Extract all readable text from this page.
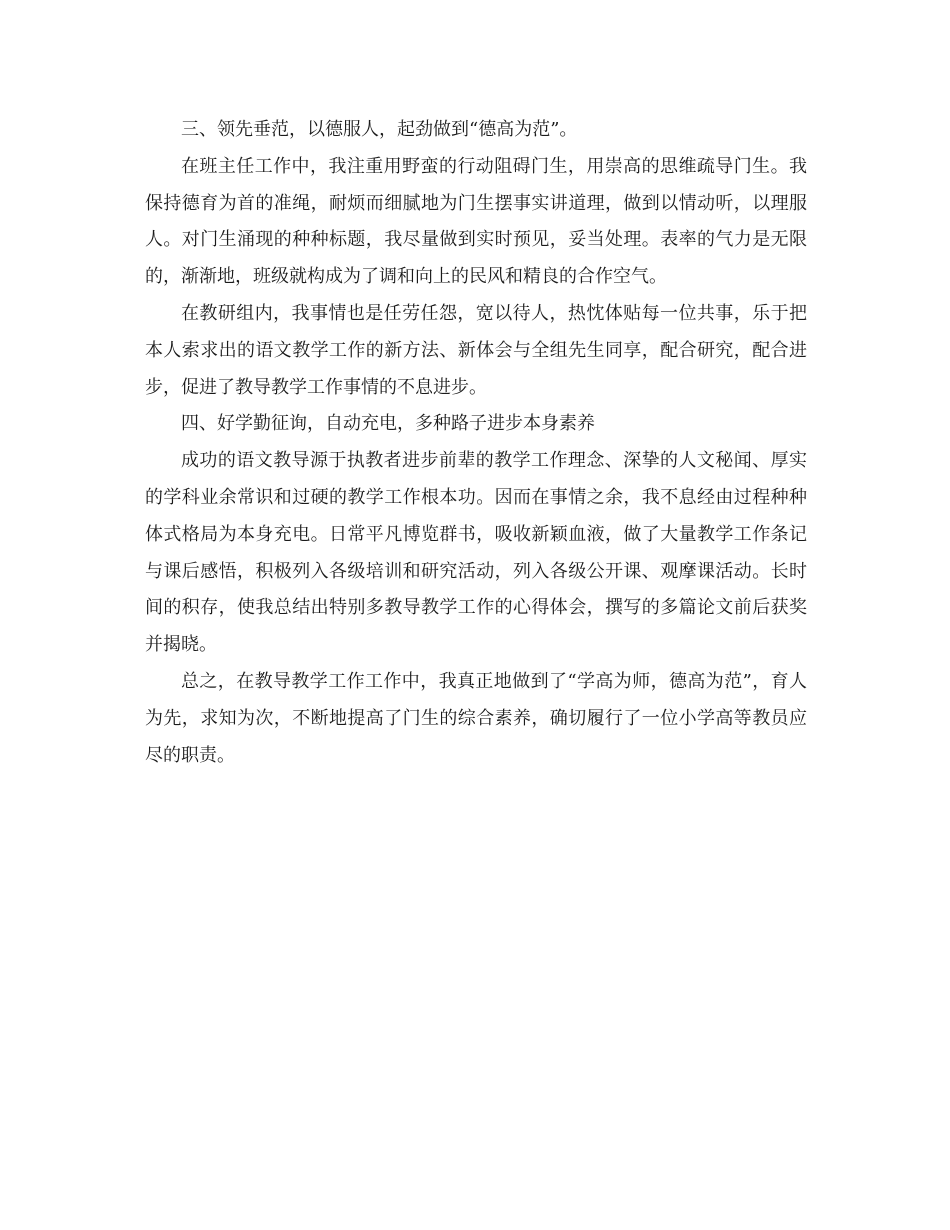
三、领先垂范，以德服人，起劲做到“德高为范”。

在班主任工作中，我注重用野蛮的行动阻碍门生，用崇高的思维疏导门生。我保持德育为首的准绳，耐烦而细腻地为门生摆事实讲道理，做到以情动听，以理服人。对门生涌现的种种标题，我尽量做到实时预见，妥当处理。表率的气力是无限的，渐渐地，班级就构成为了调和向上的民风和精良的合作空气。

在教研组内，我事情也是任劳任怨，宽以待人，热忱体贴每一位共事，乐于把本人索求出的语文教学工作的新方法、新体会与全组先生同享，配合研究，配合进步，促进了教导教学工作事情的不息进步。

四、好学勤征询，自动充电，多种路子进步本身素养

成功的语文教导源于执教者进步前辈的教学工作理念、深挚的人文秘闻、厚实的学科业余常识和过硬的教学工作根本功。因而在事情之余，我不息经由过程种种体式格局为本身充电。日常平凡博览群书，吸收新颖血液，做了大量教学工作条记与课后感悟，积极列入各级培训和研究活动，列入各级公开课、观摩课活动。长时间的积存，使我总结出特别多教导教学工作的心得体会，撰写的多篇论文前后获奖并揭晓。

总之，在教导教学工作工作中，我真正地做到了“学高为师，德高为范”，育人为先，求知为次，不断地提高了门生的综合素养，确切履行了一位小学高等教员应尽的职责。
